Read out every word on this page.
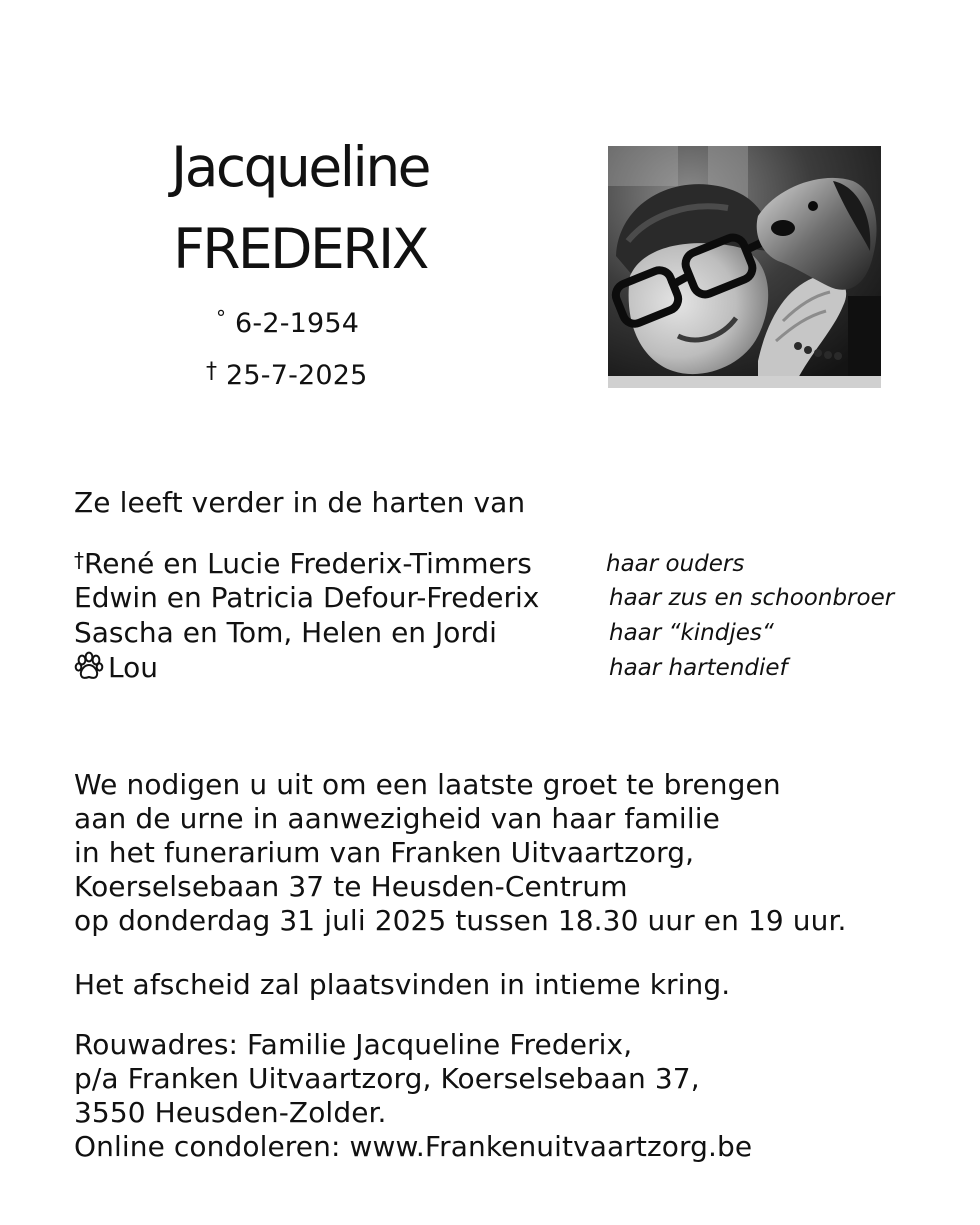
Jacqueline
FREDERIX
° 6-2-1954
† 25-7-2025
Ze leeft verder in de harten van
†René en Lucie Frederix-Timmers	haar ouders
Edwin en Patricia Defour-Frederix	haar zus en schoonbroer
Sascha en Tom, Helen en Jordi	haar “kindjes“
Lou	haar hartendief
We nodigen u uit om een laatste groet te brengen
aan de urne in aanwezigheid van haar familie
in het funerarium van Franken Uitvaartzorg,
Koerselsebaan 37 te Heusden-Centrum
op donderdag 31 juli 2025 tussen 18.30 uur en 19 uur.
Het afscheid zal plaatsvinden in intieme kring.
Rouwadres: Familie Jacqueline Frederix,
p/a Franken Uitvaartzorg, Koerselsebaan 37,
3550 Heusden-Zolder.
Online condoleren: www.Frankenuitvaartzorg.be
